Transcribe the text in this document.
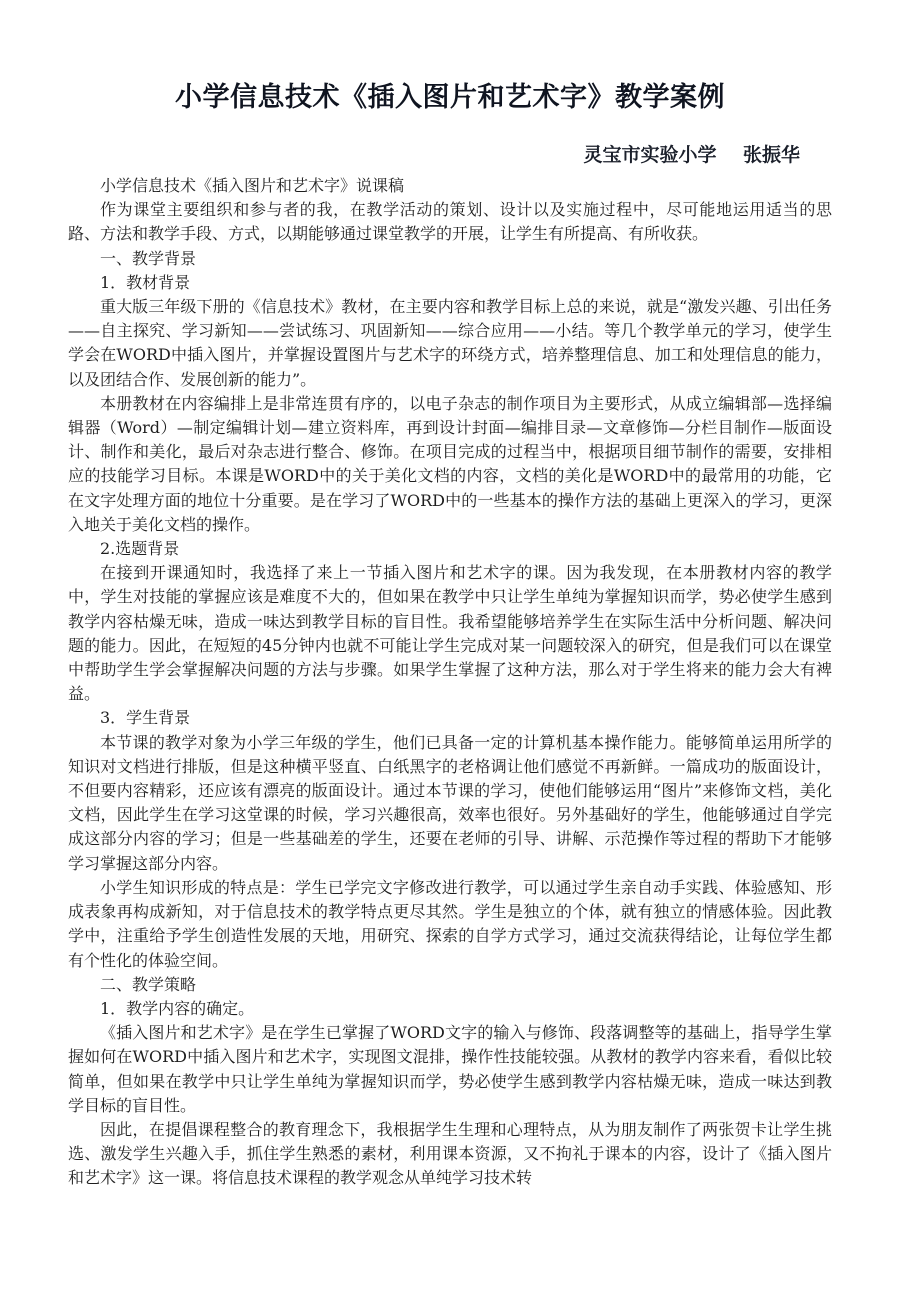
小学信息技术《插入图片和艺术字》教学案例
灵宝市实验小学    张振华

小学信息技术《插入图片和艺术字》说课稿

作为课堂主要组织和参与者的我，在教学活动的策划、设计以及实施过程中，尽可能地运用适当的思路、方法和教学手段、方式，以期能够通过课堂教学的开展，让学生有所提高、有所收获。

一、教学背景

1．教材背景

重大版三年级下册的《信息技术》教材，在主要内容和教学目标上总的来说，就是“激发兴趣、引出任务——自主探究、学习新知——尝试练习、巩固新知——综合应用——小结。等几个教学单元的学习，使学生学会在WORD中插入图片，并掌握设置图片与艺术字的环绕方式，培养整理信息、加工和处理信息的能力，以及团结合作、发展创新的能力”。

本册教材在内容编排上是非常连贯有序的，以电子杂志的制作项目为主要形式，从成立编辑部—选择编辑器（Word）—制定编辑计划—建立资料库，再到设计封面—编排目录—文章修饰—分栏目制作—版面设计、制作和美化，最后对杂志进行整合、修饰。在项目完成的过程当中，根据项目细节制作的需要，安排相应的技能学习目标。本课是WORD中的关于美化文档的内容，文档的美化是WORD中的最常用的功能，它在文字处理方面的地位十分重要。是在学习了WORD中的一些基本的操作方法的基础上更深入的学习，更深入地关于美化文档的操作。

2.选题背景

在接到开课通知时，我选择了来上一节插入图片和艺术字的课。因为我发现，在本册教材内容的教学中，学生对技能的掌握应该是难度不大的，但如果在教学中只让学生单纯为掌握知识而学，势必使学生感到教学内容枯燥无味，造成一味达到教学目标的盲目性。我希望能够培养学生在实际生活中分析问题、解决问题的能力。因此，在短短的45分钟内也就不可能让学生完成对某一问题较深入的研究，但是我们可以在课堂中帮助学生学会掌握解决问题的方法与步骤。如果学生掌握了这种方法，那么对于学生将来的能力会大有裨益。

3．学生背景

本节课的教学对象为小学三年级的学生，他们已具备一定的计算机基本操作能力。能够简单运用所学的知识对文档进行排版，但是这种横平竖直、白纸黑字的老格调让他们感觉不再新鲜。一篇成功的版面设计，不但要内容精彩，还应该有漂亮的版面设计。通过本节课的学习，使他们能够运用“图片”来修饰文档，美化文档，因此学生在学习这堂课的时候，学习兴趣很高，效率也很好。另外基础好的学生，他能够通过自学完成这部分内容的学习；但是一些基础差的学生，还要在老师的引导、讲解、示范操作等过程的帮助下才能够学习掌握这部分内容。

小学生知识形成的特点是：学生已学完文字修改进行教学，可以通过学生亲自动手实践、体验感知、形成表象再构成新知，对于信息技术的教学特点更尽其然。学生是独立的个体，就有独立的情感体验。因此教学中，注重给予学生创造性发展的天地，用研究、探索的自学方式学习，通过交流获得结论，让每位学生都有个性化的体验空间。

二、教学策略

1．教学内容的确定。

《插入图片和艺术字》是在学生已掌握了WORD文字的输入与修饰、段落调整等的基础上，指导学生掌握如何在WORD中插入图片和艺术字，实现图文混排，操作性技能较强。从教材的教学内容来看，看似比较简单，但如果在教学中只让学生单纯为掌握知识而学，势必使学生感到教学内容枯燥无味，造成一味达到教学目标的盲目性。

因此，在提倡课程整合的教育理念下，我根据学生生理和心理特点，从为朋友制作了两张贺卡让学生挑选、激发学生兴趣入手，抓住学生熟悉的素材，利用课本资源，又不拘礼于课本的内容，设计了《插入图片和艺术字》这一课。将信息技术课程的教学观念从单纯学习技术转
